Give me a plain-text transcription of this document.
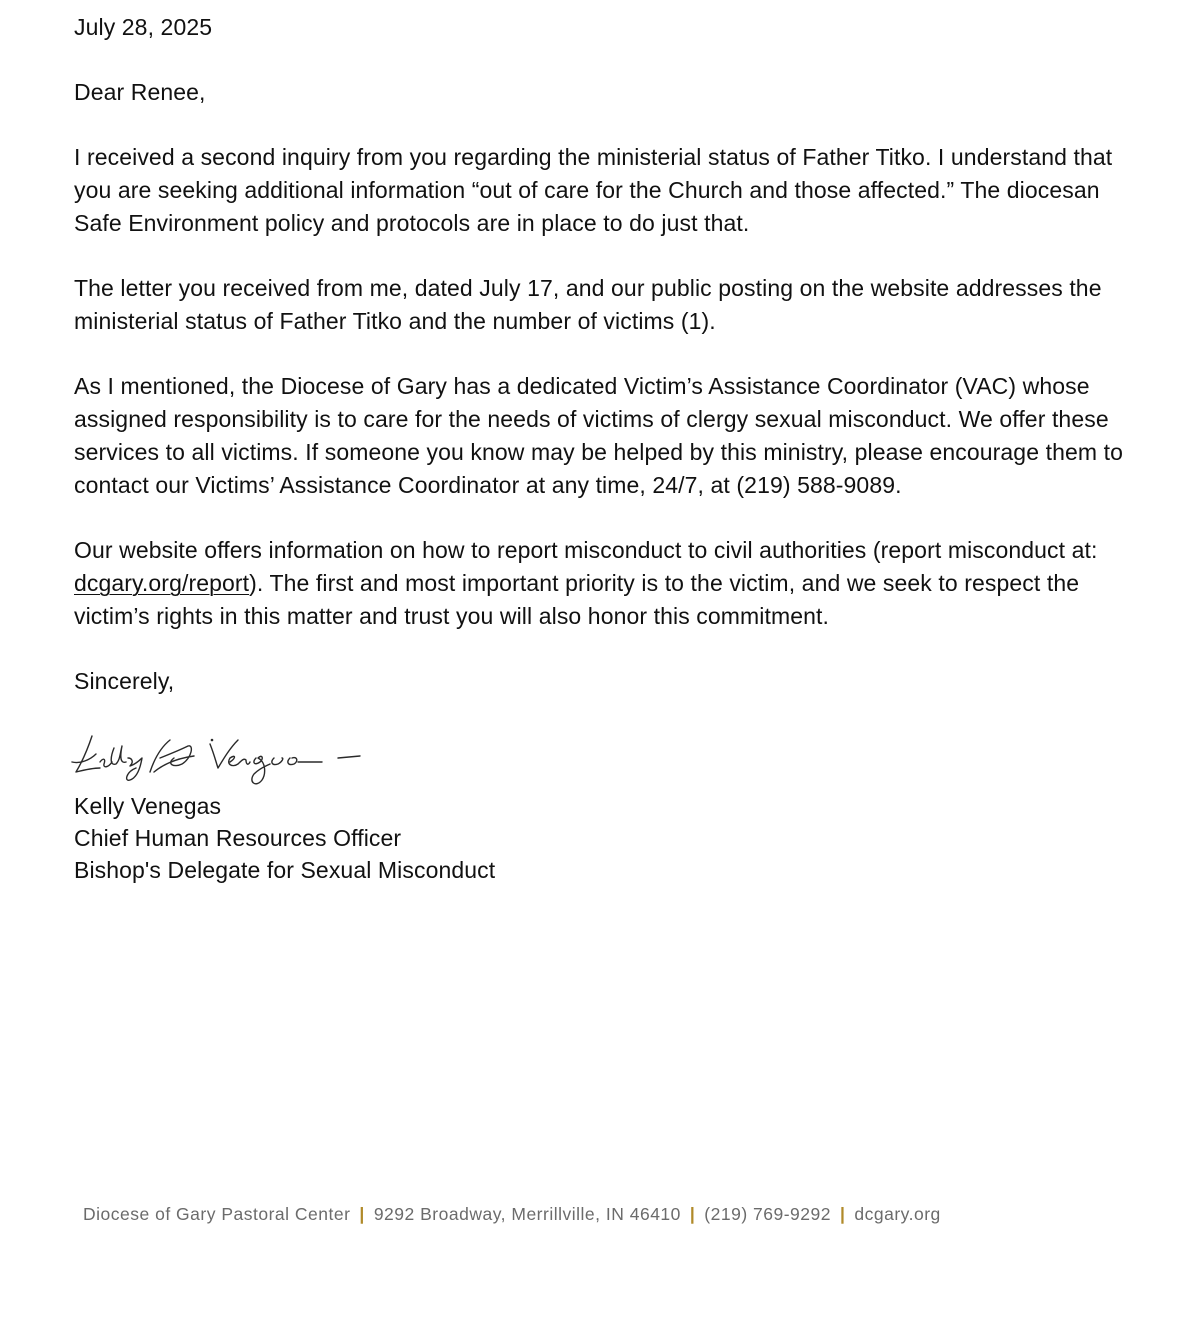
July 28, 2025

Dear Renee,

I received a second inquiry from you regarding the ministerial status of Father Titko. I understand that you are seeking additional information “out of care for the Church and those affected.” The diocesan Safe Environment policy and protocols are in place to do just that.

The letter you received from me, dated July 17, and our public posting on the website addresses the ministerial status of Father Titko and the number of victims (1).

As I mentioned, the Diocese of Gary has a dedicated Victim’s Assistance Coordinator (VAC) whose assigned responsibility is to care for the needs of victims of clergy sexual misconduct. We offer these services to all victims. If someone you know may be helped by this ministry, please encourage them to contact our Victims’ Assistance Coordinator at any time, 24/7, at (219) 588-9089.

Our website offers information on how to report misconduct to civil authorities (report misconduct at: dcgary.org/report). The first and most important priority is to the victim, and we seek to respect the victim’s rights in this matter and trust you will also honor this commitment.

Sincerely,

Kelly Venegas
Chief Human Resources Officer
Bishop's Delegate for Sexual Misconduct
Diocese of Gary Pastoral Center | 9292 Broadway, Merrillville, IN 46410 | (219) 769-9292 | dcgary.org
